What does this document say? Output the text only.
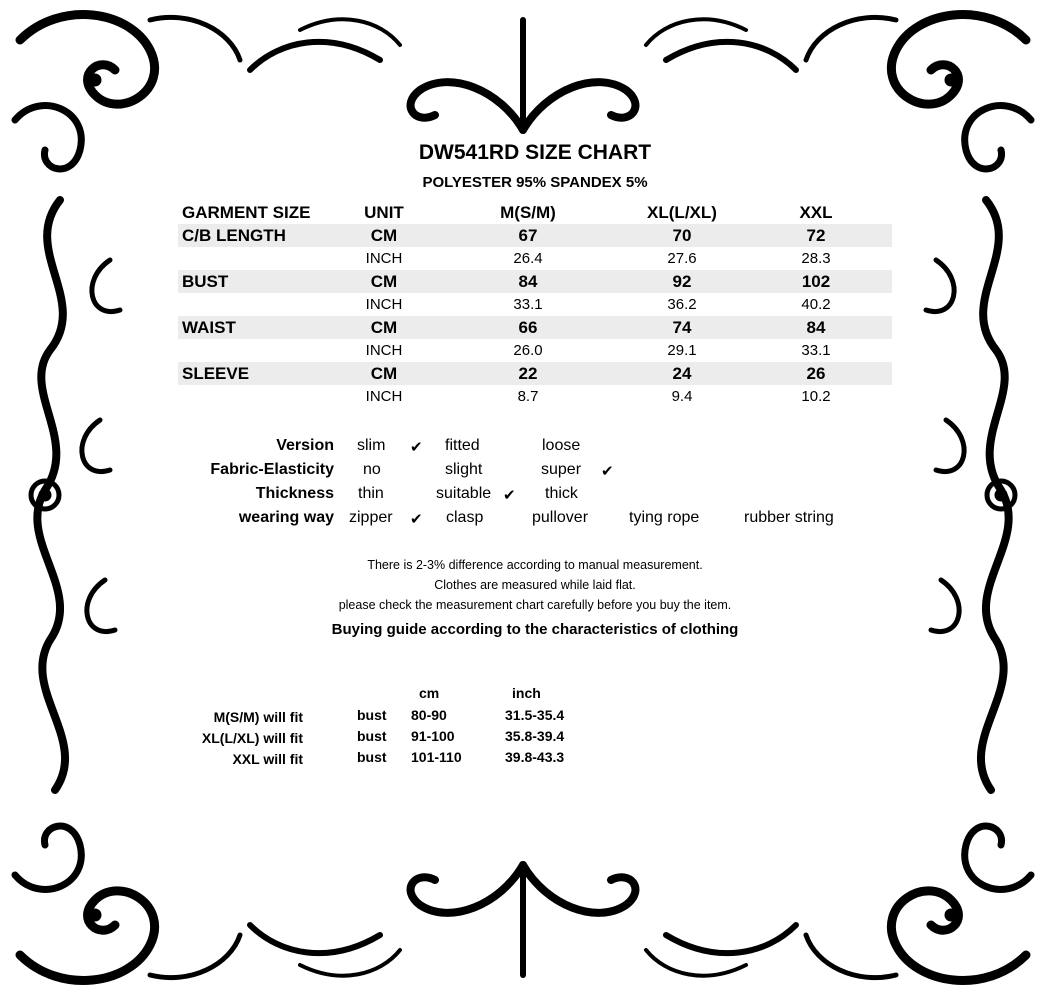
DW541RD SIZE CHART
POLYESTER 95% SPANDEX 5%
GARMENT SIZE	UNIT	M(S/M)	XL(L/XL)	XXL
C/B LENGTH	CM	67	70	72
INCH	26.4	27.6	28.3
BUST	CM	84	92	102
INCH	33.1	36.2	40.2
WAIST	CM	66	74	84
INCH	26.0	29.1	33.1
SLEEVE	CM	22	24	26
INCH	8.7	9.4	10.2
Version slim ✔ fitted	loose
Fabric-Elasticity no	slight	super ✔
Thickness thin	suitable ✔ thick
wearing way zipper ✔ clasp	pullover	tying rope	rubber string
There is 2-3% difference according to manual measurement.
Clothes are measured while laid flat.
please check the measurement chart carefully before you buy the item.
Buying guide according to the characteristics of clothing
cm	inch
M(S/M) will fit	bust 80-90	31.5-35.4
XL(L/XL) will fit	bust 91-100	35.8-39.4
XXL will fit	bust 101-110	39.8-43.3
